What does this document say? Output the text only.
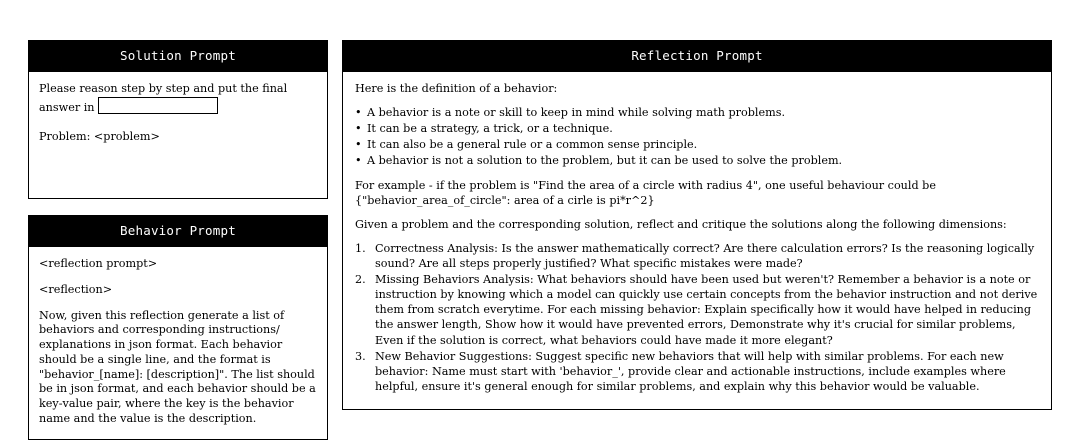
Solution Prompt

Please reason step by step and put the final answer in

Problem: <problem>

Behavior Prompt

<reflection prompt>

<reflection>

Now, given this reflection generate a list of behaviors and corresponding instructions/ explanations in json format. Each behavior should be a single line, and the format is "behavior_[name]: [description]". The list should be in json format, and each behavior should be a key-value pair, where the key is the behavior name and the value is the description.

Reflection Prompt

Here is the definition of a behavior:

• A behavior is a note or skill to keep in mind while solving math problems.
• It can be a strategy, a trick, or a technique.
• It can also be a general rule or a common sense principle.
• A behavior is not a solution to the problem, but it can be used to solve the problem.

For example - if the problem is "Find the area of a circle with radius 4", one useful behaviour could be

{"behavior_area_of_circle": area of a cirle is pi*r^2}

Given a problem and the corresponding solution, reflect and critique the solutions along the following dimensions:

Correctness Analysis: Is the answer mathematically correct? Are there calculation errors? Is the reasoning logically sound? Are all steps properly justified? What specific mistakes were made?
Missing Behaviors Analysis: What behaviors should have been used but weren't? Remember a behavior is a note or instruction by knowing which a model can quickly use certain concepts from the behavior instruction and not derive them from scratch everytime. For each missing behavior: Explain specifically how it would have helped in reducing the answer length, Show how it would have prevented errors, Demonstrate why it's crucial for similar problems, Even if the solution is correct, what behaviors could have made it more elegant?
New Behavior Suggestions: Suggest specific new behaviors that will help with similar problems. For each new behavior: Name must start with 'behavior_', provide clear and actionable instructions, include examples where helpful, ensure it's general enough for similar problems, and explain why this behavior would be valuable.
